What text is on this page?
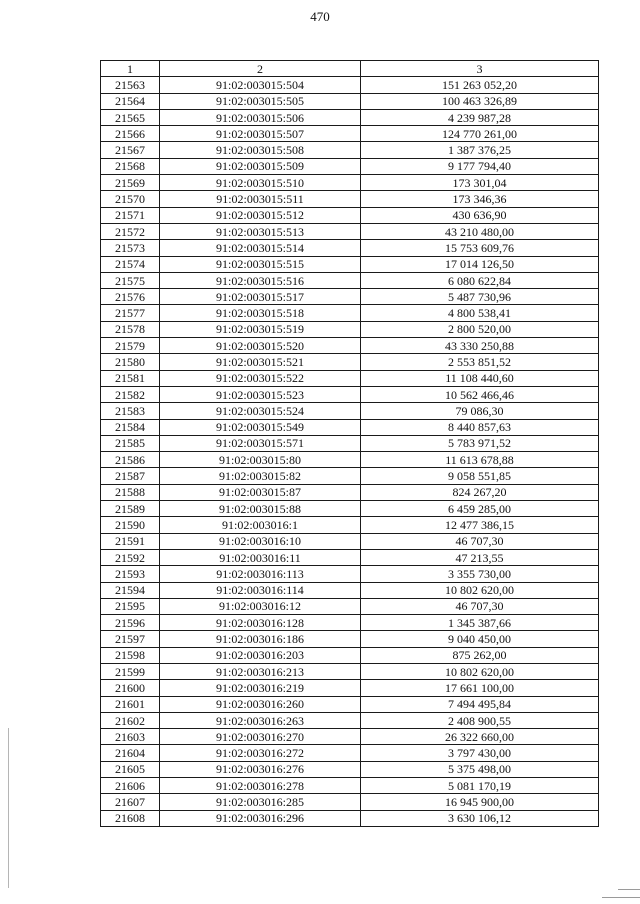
470
1	2	3
21563	91:02:003015:504	151 263 052,20
21564	91:02:003015:505	100 463 326,89
21565	91:02:003015:506	4 239 987,28
21566	91:02:003015:507	124 770 261,00
21567	91:02:003015:508	1 387 376,25
21568	91:02:003015:509	9 177 794,40
21569	91:02:003015:510	173 301,04
21570	91:02:003015:511	173 346,36
21571	91:02:003015:512	430 636,90
21572	91:02:003015:513	43 210 480,00
21573	91:02:003015:514	15 753 609,76
21574	91:02:003015:515	17 014 126,50
21575	91:02:003015:516	6 080 622,84
21576	91:02:003015:517	5 487 730,96
21577	91:02:003015:518	4 800 538,41
21578	91:02:003015:519	2 800 520,00
21579	91:02:003015:520	43 330 250,88
21580	91:02:003015:521	2 553 851,52
21581	91:02:003015:522	11 108 440,60
21582	91:02:003015:523	10 562 466,46
21583	91:02:003015:524	79 086,30
21584	91:02:003015:549	8 440 857,63
21585	91:02:003015:571	5 783 971,52
21586	91:02:003015:80	11 613 678,88
21587	91:02:003015:82	9 058 551,85
21588	91:02:003015:87	824 267,20
21589	91:02:003015:88	6 459 285,00
21590	91:02:003016:1	12 477 386,15
21591	91:02:003016:10	46 707,30
21592	91:02:003016:11	47 213,55
21593	91:02:003016:113	3 355 730,00
21594	91:02:003016:114	10 802 620,00
21595	91:02:003016:12	46 707,30
21596	91:02:003016:128	1 345 387,66
21597	91:02:003016:186	9 040 450,00
21598	91:02:003016:203	875 262,00
21599	91:02:003016:213	10 802 620,00
21600	91:02:003016:219	17 661 100,00
21601	91:02:003016:260	7 494 495,84
21602	91:02:003016:263	2 408 900,55
21603	91:02:003016:270	26 322 660,00
21604	91:02:003016:272	3 797 430,00
21605	91:02:003016:276	5 375 498,00
21606	91:02:003016:278	5 081 170,19
21607	91:02:003016:285	16 945 900,00
21608	91:02:003016:296	3 630 106,12
